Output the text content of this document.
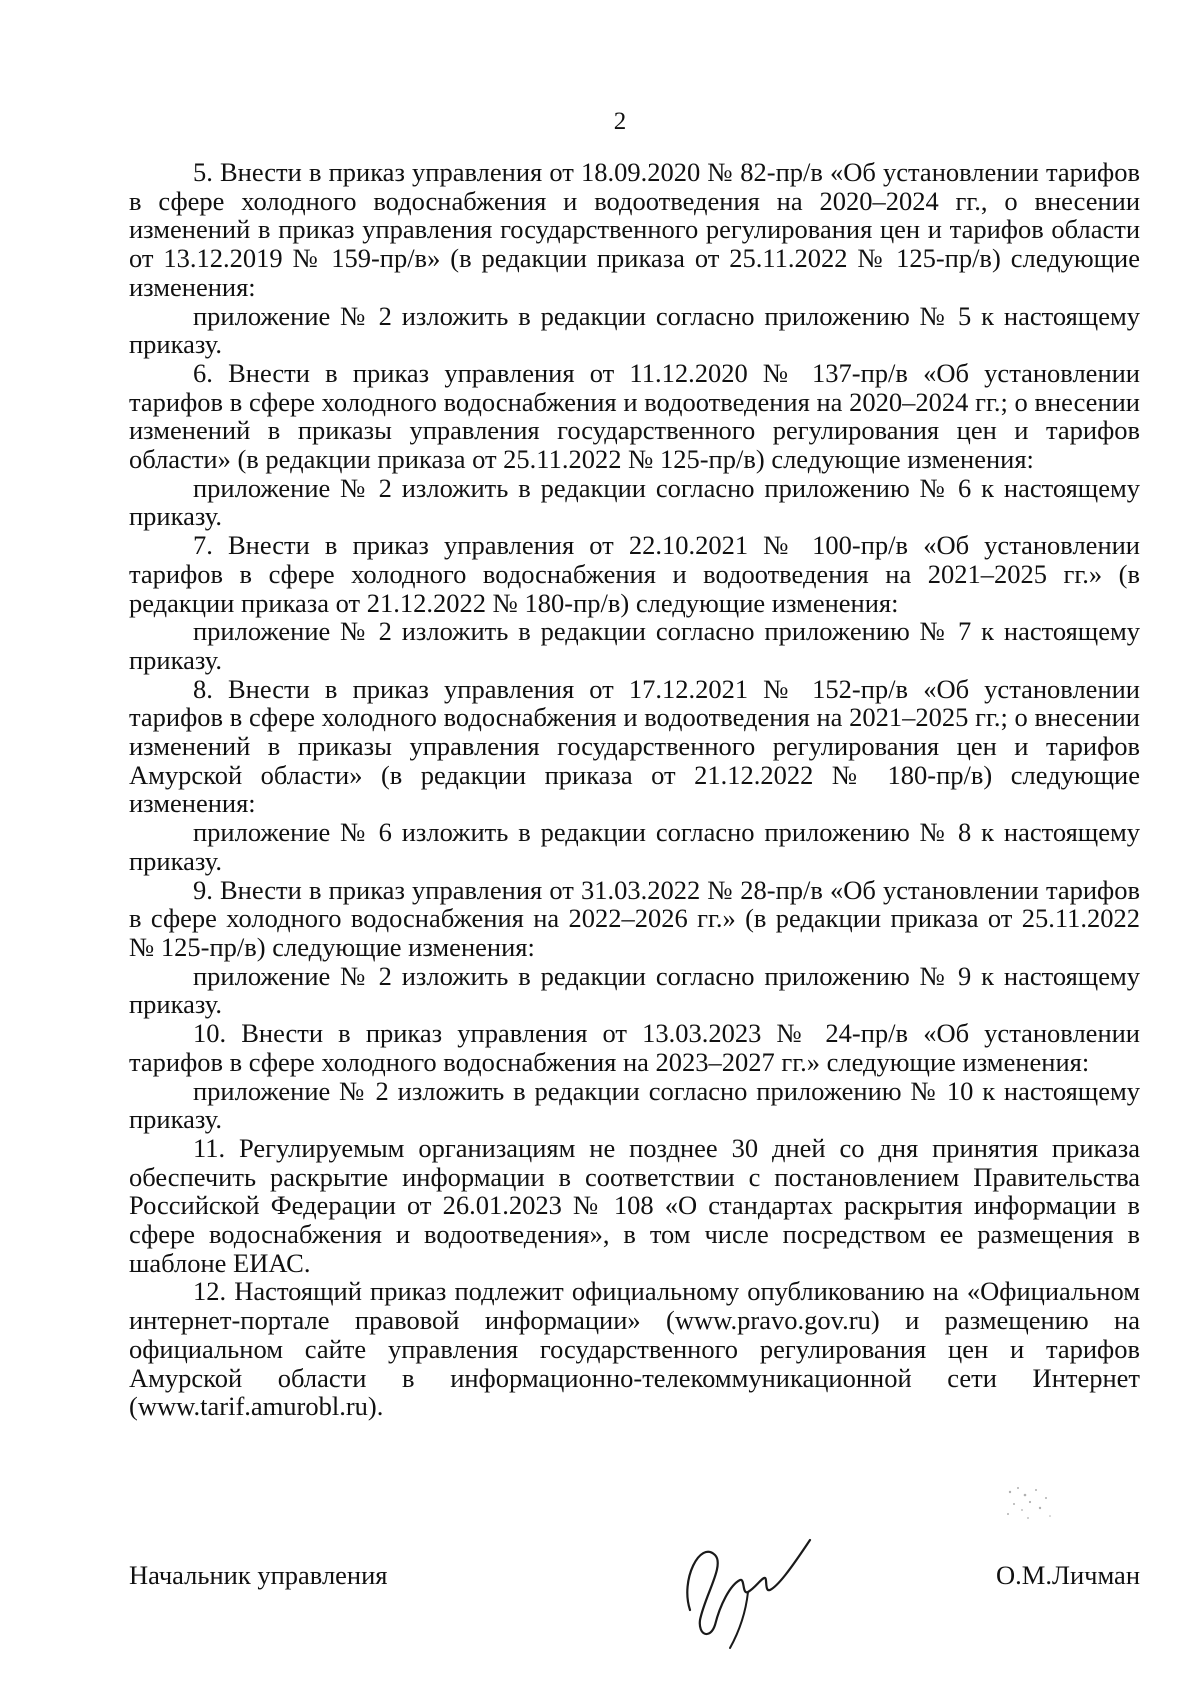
2

5. Внести в приказ управления от 18.09.2020 № 82-пр/в «Об установлении тарифов в сфере холодного водоснабжения и водоотведения на 2020–2024 гг., о внесении изменений в приказ управления государственного регулирования цен и тарифов области от 13.12.2019 № 159-пр/в» (в редакции приказа от 25.11.2022 № 125-пр/в) следующие изменения:

приложение № 2 изложить в редакции согласно приложению № 5 к настоящему приказу.

6. Внести в приказ управления от 11.12.2020 № 137-пр/в «Об установлении тарифов в сфере холодного водоснабжения и водоотведения на 2020–2024 гг.; о внесении изменений в приказы управления государственного регулирования цен и тарифов области» (в редакции приказа от 25.11.2022 № 125-пр/в) следующие изменения:

приложение № 2 изложить в редакции согласно приложению № 6 к настоящему приказу.

7. Внести в приказ управления от 22.10.2021 № 100-пр/в «Об установлении тарифов в сфере холодного водоснабжения и водоотведения на 2021–2025 гг.» (в редакции приказа от 21.12.2022 № 180-пр/в) следующие изменения:

приложение № 2 изложить в редакции согласно приложению № 7 к настоящему приказу.

8. Внести в приказ управления от 17.12.2021 № 152-пр/в «Об установлении тарифов в сфере холодного водоснабжения и водоотведения на 2021–2025 гг.; о внесении изменений в приказы управления государственного регулирования цен и тарифов Амурской области» (в редакции приказа от 21.12.2022 № 180-пр/в) следующие изменения:

приложение № 6 изложить в редакции согласно приложению № 8 к настоящему приказу.

9. Внести в приказ управления от 31.03.2022 № 28-пр/в «Об установлении тарифов в сфере холодного водоснабжения на 2022–2026 гг.» (в редакции приказа от 25.11.2022 № 125-пр/в) следующие изменения:

приложение № 2 изложить в редакции согласно приложению № 9 к настоящему приказу.

10. Внести в приказ управления от 13.03.2023 № 24-пр/в «Об установлении тарифов в сфере холодного водоснабжения на 2023–2027 гг.» следующие изменения:

приложение № 2 изложить в редакции согласно приложению № 10 к настоящему приказу.

11. Регулируемым организациям не позднее 30 дней со дня принятия приказа обеспечить раскрытие информации в соответствии с постановлением Правительства Российской Федерации от 26.01.2023 № 108 «О стандартах раскрытия информации в сфере водоснабжения и водоотведения», в том числе посредством ее размещения в шаблоне ЕИАС.

12. Настоящий приказ подлежит официальному опубликованию на «Официальном интернет-портале правовой информации» (www.pravo.gov.ru) и размещению на официальном сайте управления государственного регулирования цен и тарифов Амурской области в информационно-телекоммуникационной сети Интернет (www.tarif.amurobl.ru).

Начальник управления	О.М.Личман
